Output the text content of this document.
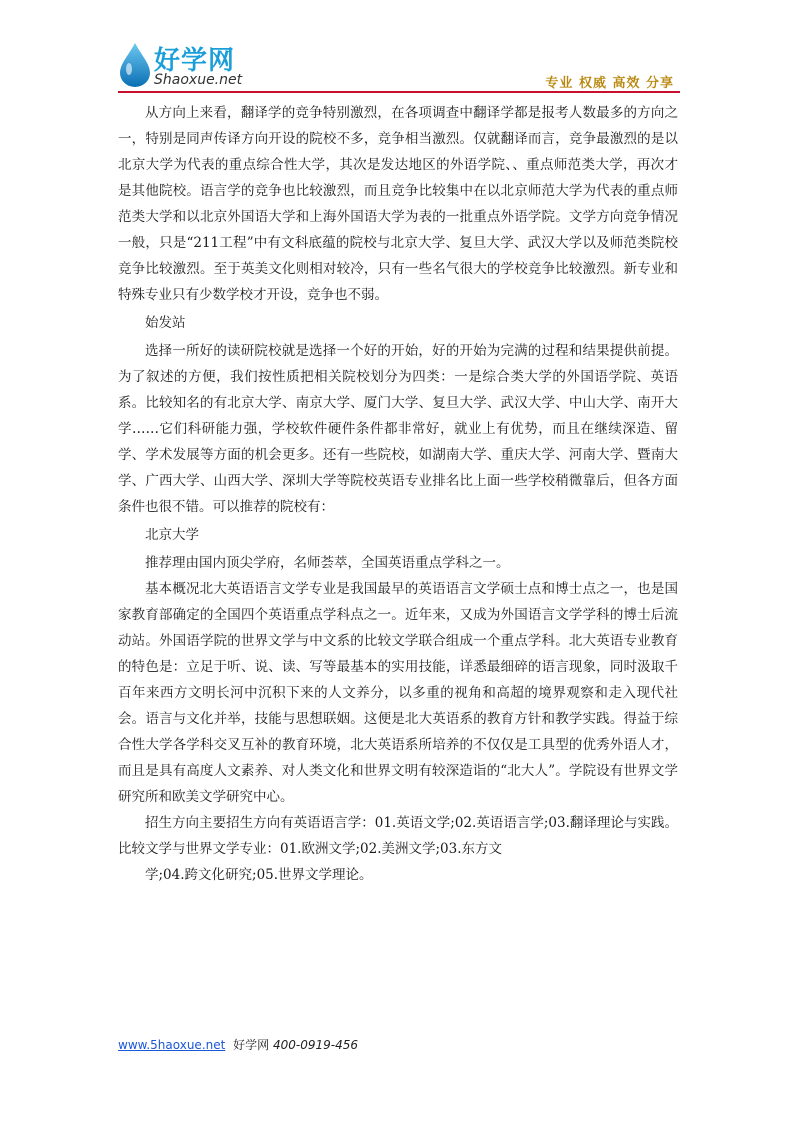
好学网
Shaoxue.net	专业 权威 高效 分享

从方向上来看，翻译学的竞争特别激烈，在各项调查中翻译学都是报考人数最多的方向之一，特别是同声传译方向开设的院校不多，竞争相当激烈。仅就翻译而言，竞争最激烈的是以北京大学为代表的重点综合性大学，其次是发达地区的外语学院、、重点师范类大学，再次才是其他院校。语言学的竞争也比较激烈，而且竞争比较集中在以北京师范大学为代表的重点师范类大学和以北京外国语大学和上海外国语大学为表的一批重点外语学院。文学方向竞争情况一般，只是“211工程”中有文科底蕴的院校与北京大学、复旦大学、武汉大学以及师范类院校竞争比较激烈。至于英美文化则相对较冷，只有一些名气很大的学校竞争比较激烈。新专业和特殊专业只有少数学校才开设，竞争也不弱。

始发站

选择一所好的读研院校就是选择一个好的开始，好的开始为完满的过程和结果提供前提。为了叙述的方便，我们按性质把相关院校划分为四类：一是综合类大学的外国语学院、英语系。比较知名的有北京大学、南京大学、厦门大学、复旦大学、武汉大学、中山大学、南开大学……它们科研能力强，学校软件硬件条件都非常好，就业上有优势，而且在继续深造、留学、学术发展等方面的机会更多。还有一些院校，如湖南大学、重庆大学、河南大学、暨南大学、广西大学、山西大学、深圳大学等院校英语专业排名比上面一些学校稍微靠后，但各方面条件也很不错。可以推荐的院校有：

北京大学

推荐理由国内顶尖学府，名师荟萃，全国英语重点学科之一。

基本概况北大英语语言文学专业是我国最早的英语语言文学硕士点和博士点之一，也是国家教育部确定的全国四个英语重点学科点之一。近年来，又成为外国语言文学学科的博士后流动站。外国语学院的世界文学与中文系的比较文学联合组成一个重点学科。北大英语专业教育的特色是：立足于听、说、读、写等最基本的实用技能，详悉最细碎的语言现象，同时汲取千百年来西方文明长河中沉积下来的人文养分，以多重的视角和高超的境界观察和走入现代社会。语言与文化并举，技能与思想联姻。这便是北大英语系的教育方针和教学实践。得益于综合性大学各学科交叉互补的教育环境，北大英语系所培养的不仅仅是工具型的优秀外语人才，而且是具有高度人文素养、对人类文化和世界文明有较深造诣的“北大人”。学院设有世界文学研究所和欧美文学研究中心。

招生方向主要招生方向有英语语言学：01.英语文学;02.英语语言学;03.翻译理论与实践。比较文学与世界文学专业：01.欧洲文学;02.美洲文学;03.东方文

学;04.跨文化研究;05.世界文学理论。

www.5haoxue.net 好学网 400-0919-456
